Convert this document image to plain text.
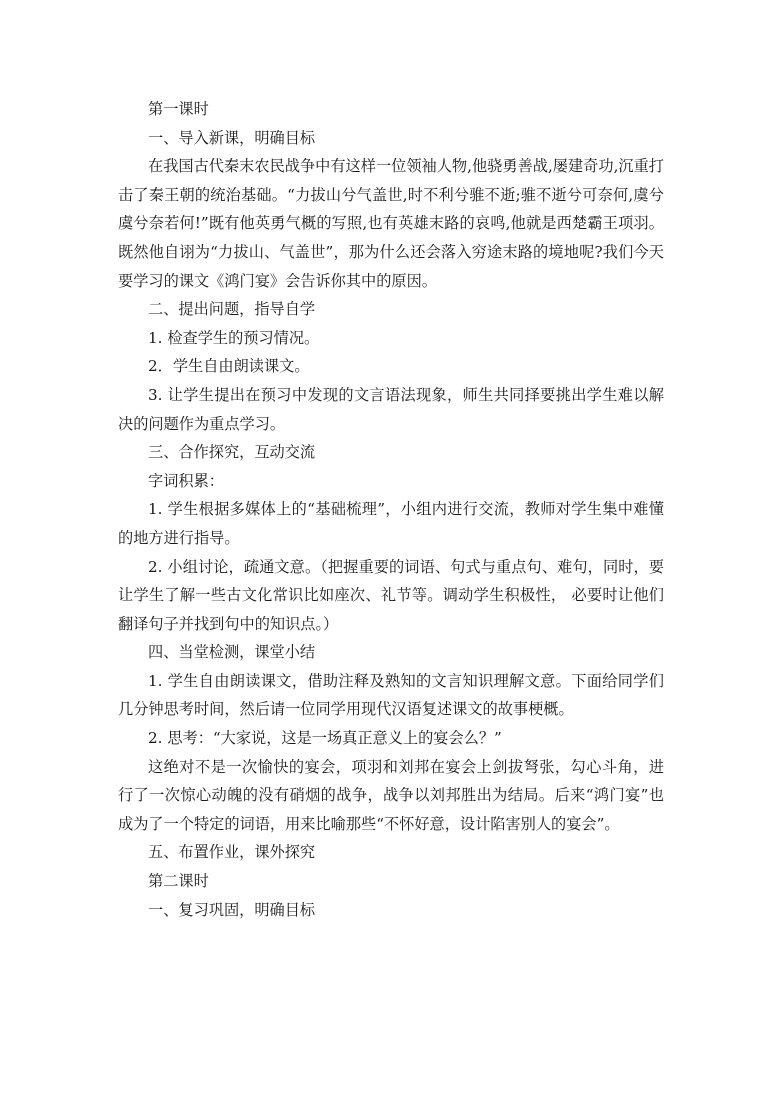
第一课时

一、导入新课，明确目标

在我国古代秦末农民战争中有这样一位领袖人物,他骁勇善战,屡建奇功,沉重打击了秦王朝的统治基础。“力拔山兮气盖世,时不利兮骓不逝;骓不逝兮可奈何,虞兮虞兮奈若何!”既有他英勇气概的写照,也有英雄末路的哀鸣,他就是西楚霸王项羽。既然他自诩为“力拔山、气盖世”，那为什么还会落入穷途末路的境地呢?我们今天要学习的课文《鸿门宴》会告诉你其中的原因。

二、提出问题，指导自学

1. 检查学生的预习情况。

2．学生自由朗读课文。

3. 让学生提出在预习中发现的文言语法现象，师生共同择要挑出学生难以解决的问题作为重点学习。

三、合作探究，互动交流

字词积累：

1. 学生根据多媒体上的“基础梳理”，小组内进行交流，教师对学生集中难懂的地方进行指导。

2. 小组讨论，疏通文意。（把握重要的词语、句式与重点句、难句，同时，要让学生了解一些古文化常识比如座次、礼节等。调动学生积极性， 必要时让他们翻译句子并找到句中的知识点。）

四、当堂检测，课堂小结

1. 学生自由朗读课文，借助注释及熟知的文言知识理解文意。下面给同学们几分钟思考时间，然后请一位同学用现代汉语复述课文的故事梗概。

2. 思考：“大家说，这是一场真正意义上的宴会么？”

这绝对不是一次愉快的宴会，项羽和刘邦在宴会上剑拔弩张，勾心斗角，进行了一次惊心动魄的没有硝烟的战争，战争以刘邦胜出为结局。后来“鸿门宴”也成为了一个特定的词语，用来比喻那些“不怀好意，设计陷害别人的宴会”。

五、布置作业，课外探究

第二课时

一、复习巩固，明确目标
